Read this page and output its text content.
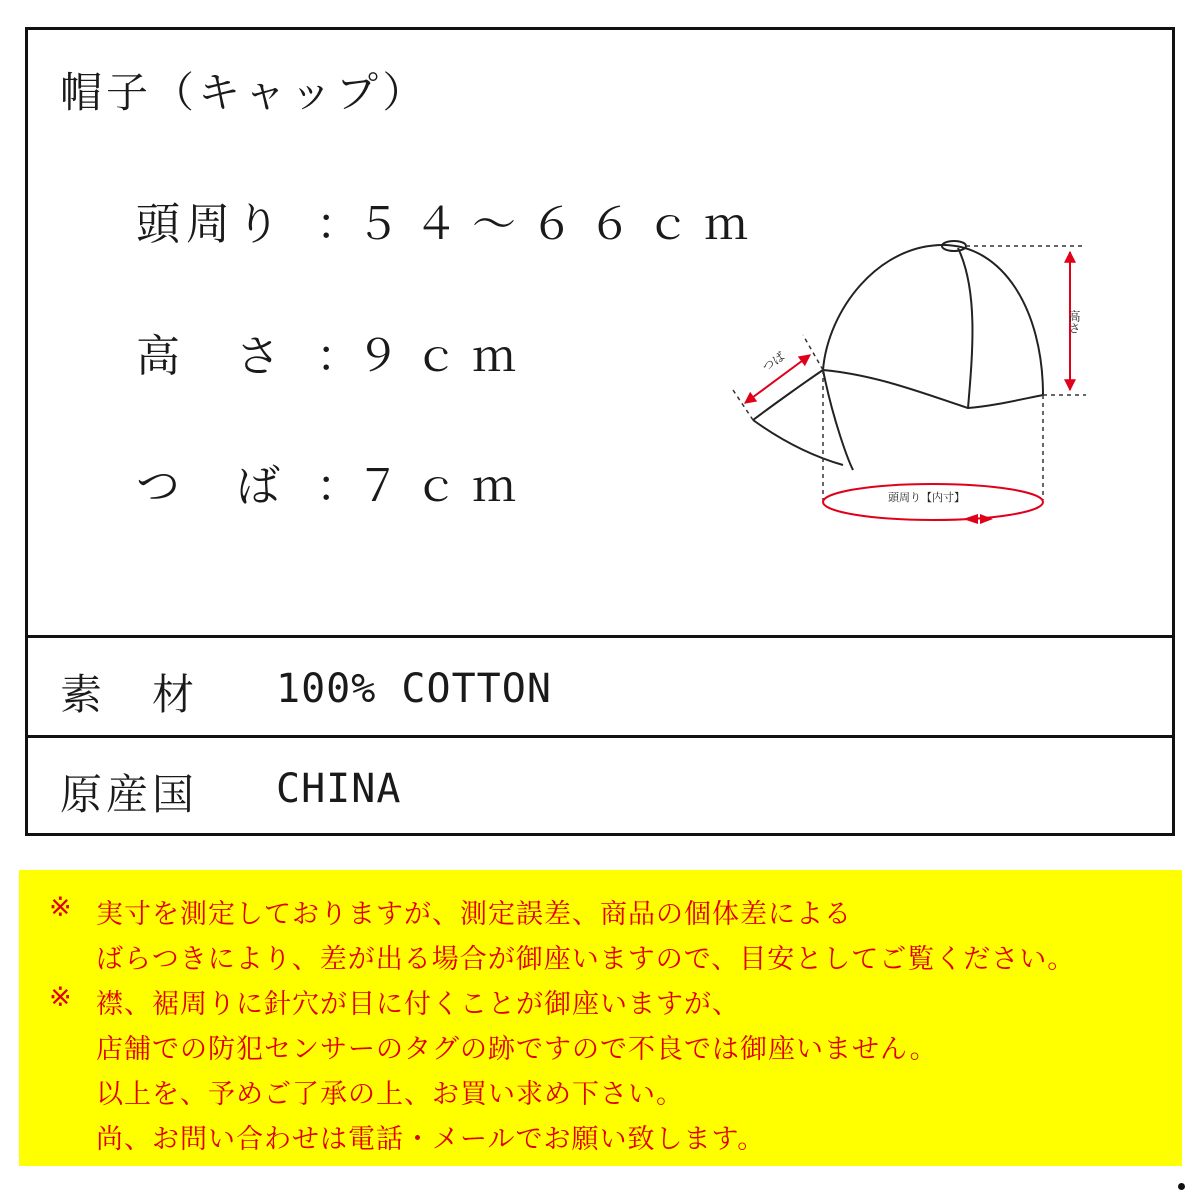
帽子（キャップ）
頭周り ：５４～６６ｃｍ
高　さ ：９ｃｍ
つ　ば ：７ｃｍ
つば
高さ
頭周り【内寸】
素　材 100% COTTON
原産国 CHINA
※ 実寸を測定しておりますが、測定誤差、商品の個体差による
ばらつきにより、差が出る場合が御座いますので、目安としてご覧ください。
※ 襟、裾周りに針穴が目に付くことが御座いますが、
店舗での防犯センサーのタグの跡ですので不良では御座いません。
以上を、予めご了承の上、お買い求め下さい。
尚、お問い合わせは電話・メールでお願い致します。
